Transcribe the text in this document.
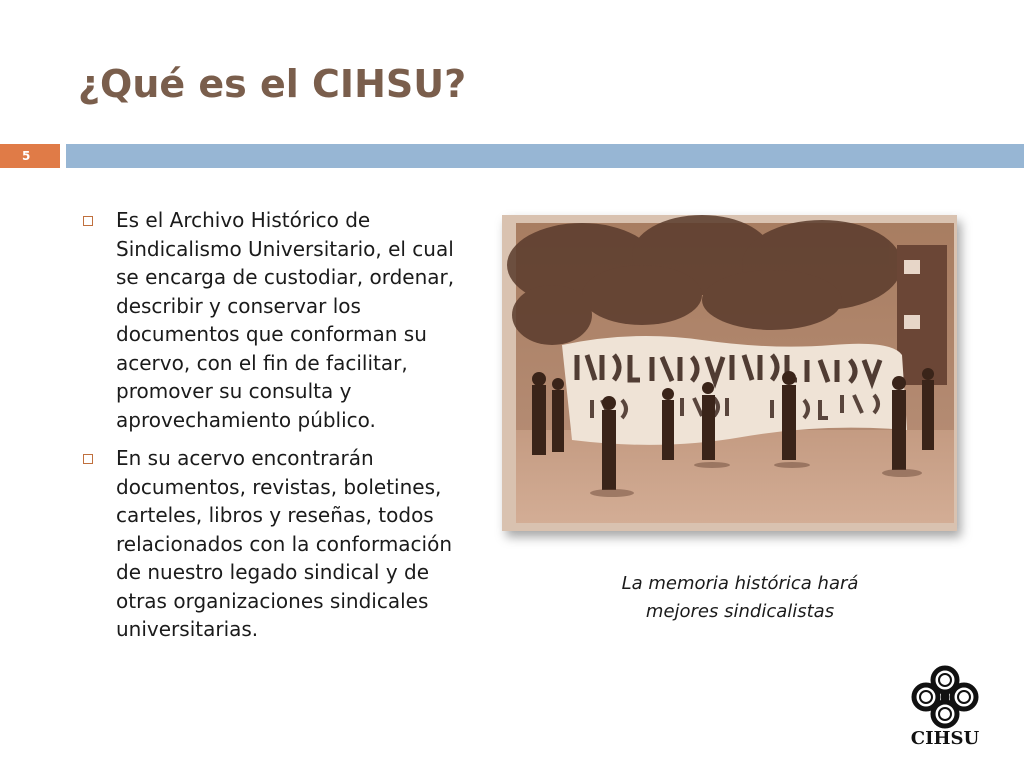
¿Qué es el CIHSU?
5
Es el Archivo Histórico de Sindicalismo Universitario, el cual se encarga de custodiar, ordenar, describir y conservar los documentos que conforman su acervo, con el fin de facilitar, promover su consulta y aprovechamiento público.
En su acervo encontrarán documentos, revistas, boletines, carteles, libros y reseñas, todos relacionados con la conformación de nuestro legado sindical y de otras organizaciones sindicales universitarias.
La memoria histórica hará
mejores sindicalistas
CIHSU
